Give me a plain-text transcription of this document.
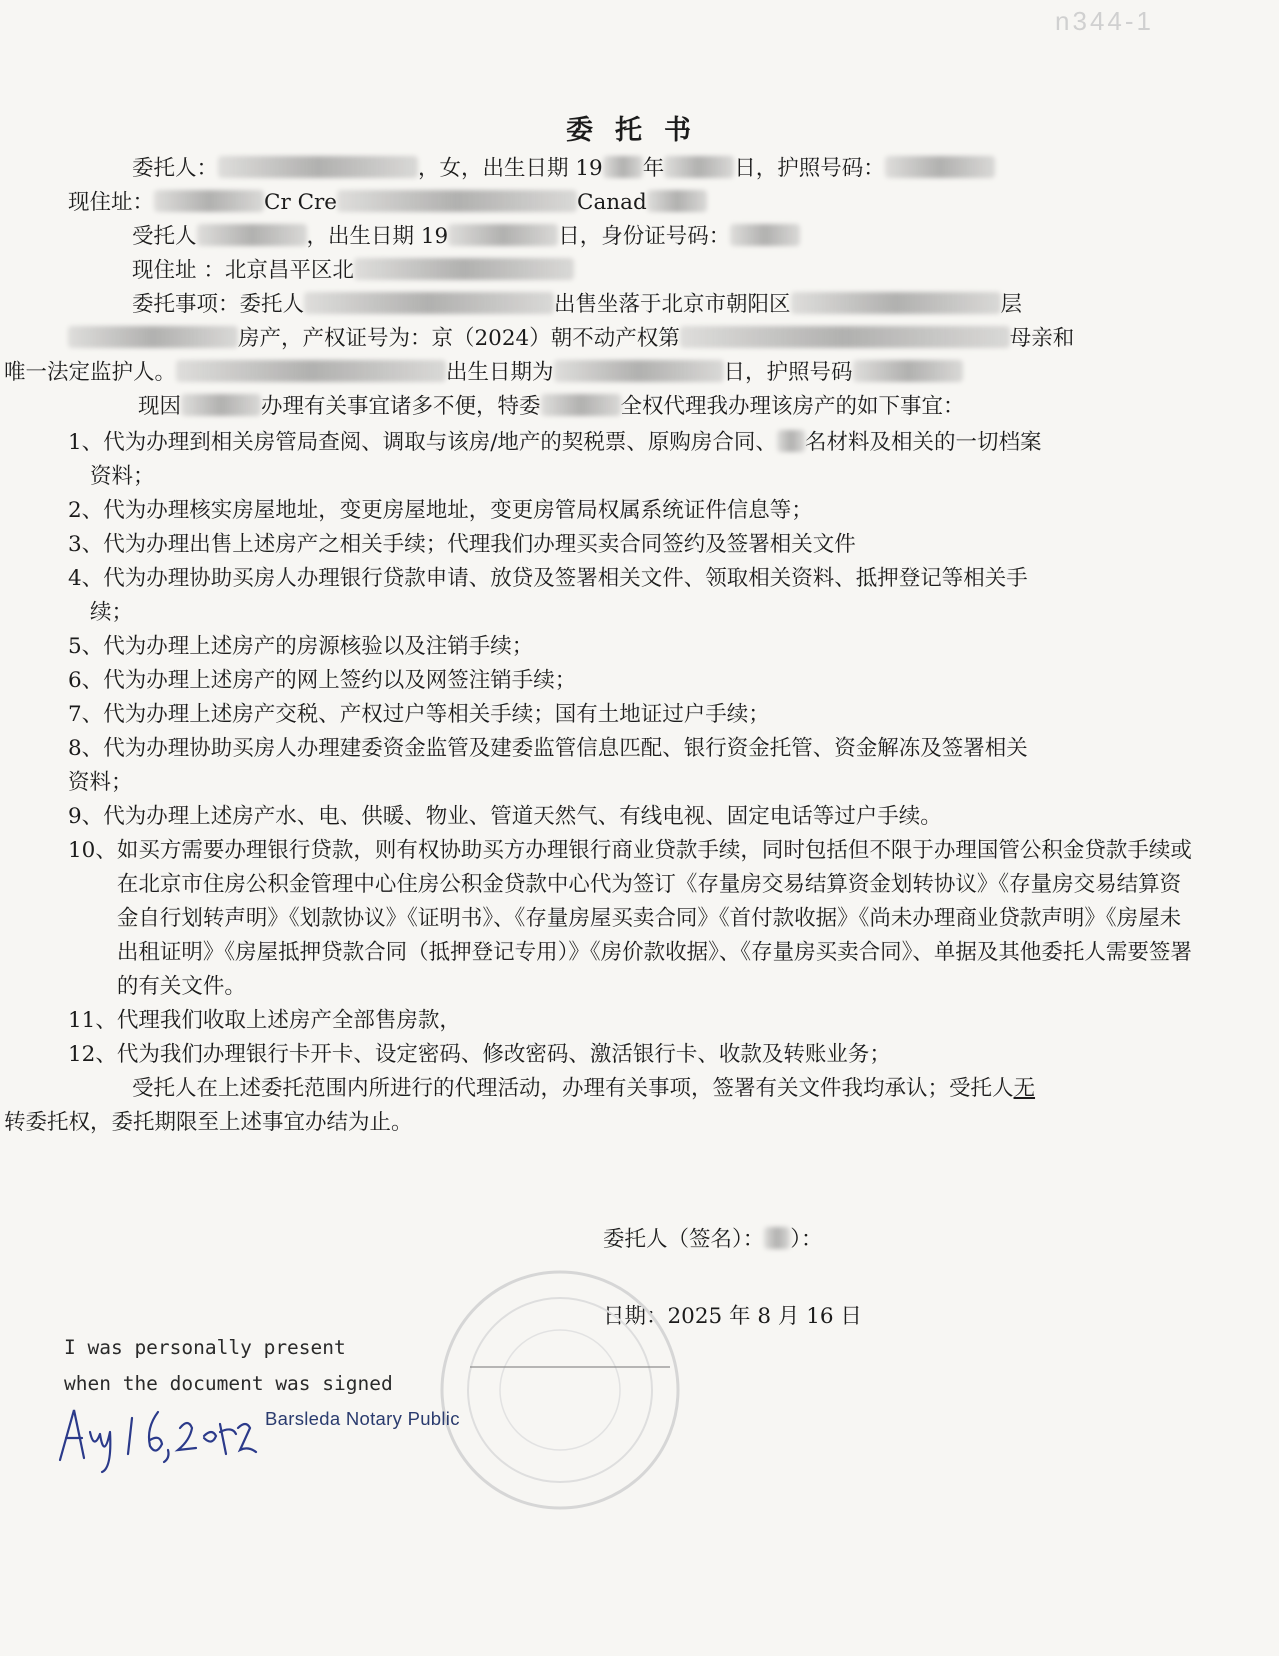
n344-1
委托书

委托人：	，女，出生日期 19 年	日，护照号码：

现住址：	Cr Cre	Canad

受托人	，出生日期 19	日，身份证号码：

现住址 ：北京昌平区北

委托事项：委托人	出售坐落于北京市朝阳区	层
房产，产权证号为：京（2024）朝不动产权第	母亲和
唯一法定监护人。	出生日期为	日，护照号码

现因	办理有关事宜诸多不便，特委	全权代理我办理该房产的如下事宜：

1、代为办理到相关房管局查阅、调取与该房/地产的契税票、原购房合同、 名材料及相关的一切档案
资料；

2、代为办理核实房屋地址，变更房屋地址，变更房管局权属系统证件信息等；

3、代为办理出售上述房产之相关手续；代理我们办理买卖合同签约及签署相关文件

4、代为办理协助买房人办理银行贷款申请、放贷及签署相关文件、领取相关资料、抵押登记等相关手
续；

5、代为办理上述房产的房源核验以及注销手续；

6、代为办理上述房产的网上签约以及网签注销手续；

7、代为办理上述房产交税、产权过户等相关手续；国有土地证过户手续；

8、代为办理协助买房人办理建委资金监管及建委监管信息匹配、银行资金托管、资金解冻及签署相关
资料；

9、代为办理上述房产水、电、供暖、物业、管道天然气、有线电视、固定电话等过户手续。

10、 如买方需要办理银行贷款，则有权协助买方办理银行商业贷款手续，同时包括但不限于办理国管公积金贷款手续或在北京市住房公积金管理中心住房公积金贷款中心代为签订《存量房交易结算资金划转协议》《存量房交易结算资金自行划转声明》《划款协议》《证明书》、《存量房屋买卖合同》《首付款收据》《尚未办理商业贷款声明》《房屋未出租证明》《房屋抵押贷款合同（抵押登记专用）》《房价款收据》、《存量房买卖合同》、单据及其他委托人需要签署的有关文件。

11、代理我们收取上述房产全部售房款，

12、代为我们办理银行卡开卡、设定密码、修改密码、激活银行卡、收款及转账业务；

受托人在上述委托范围内所进行的代理活动，办理有关事项，签署有关文件我均承认；受托人无
转委托权，委托期限至上述事宜办结为止。

委托人（签名）： ）：
日期：2025 年 8 月 16 日
I was personally present
when the document was signed
Barsleda Notary Public
